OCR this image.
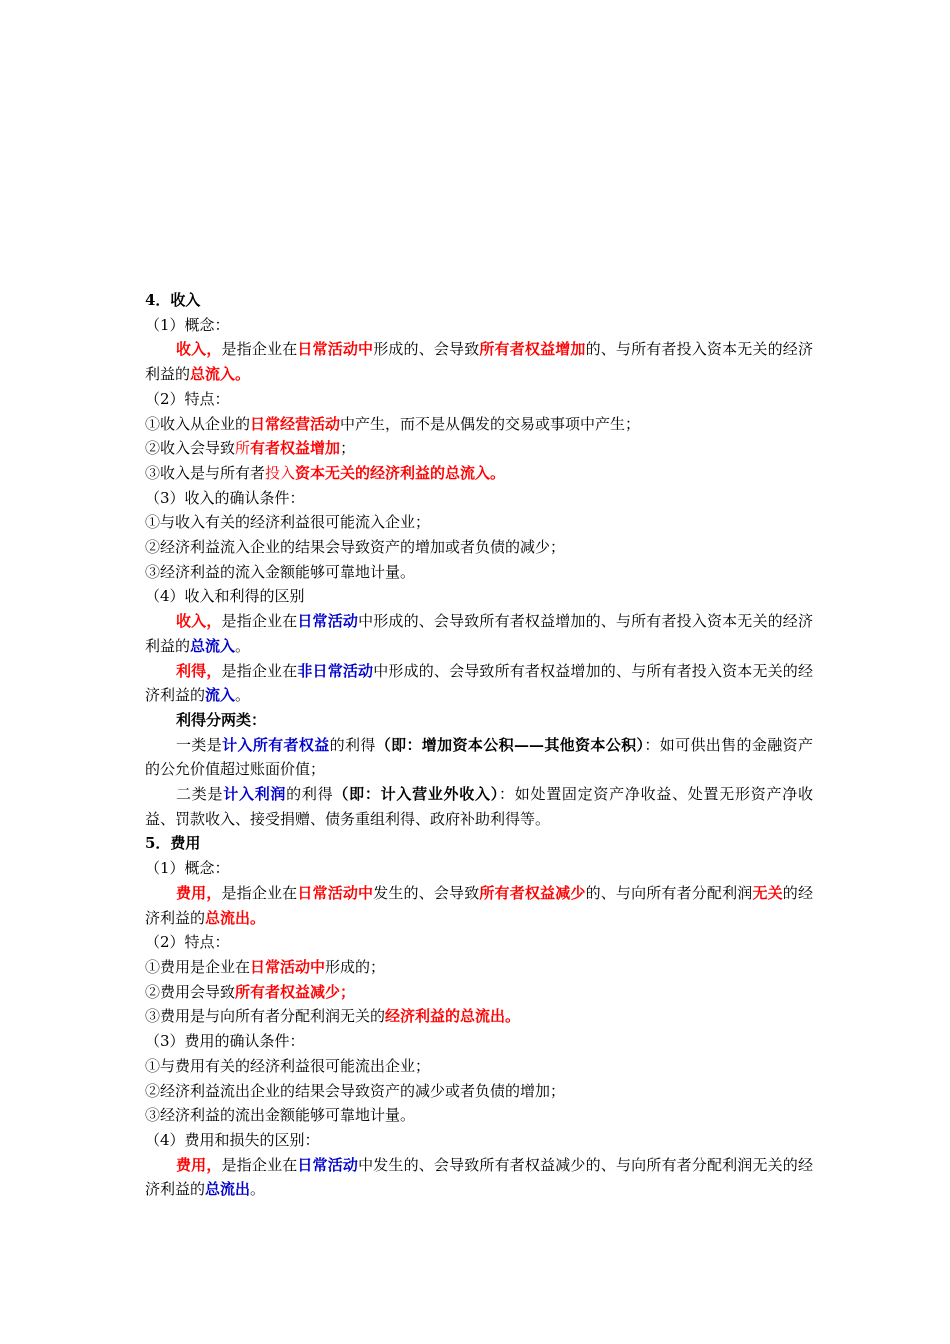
4．收入
（1）概念：
收入，是指企业在日常活动中形成的、会导致所有者权益增加的、与所有者投入资本无关的经济利益的总流入。
（2）特点：
①收入从企业的日常经营活动中产生，而不是从偶发的交易或事项中产生；
②收入会导致所有者权益增加；
③收入是与所有者投入资本无关的经济利益的总流入。
（3）收入的确认条件：
①与收入有关的经济利益很可能流入企业；
②经济利益流入企业的结果会导致资产的增加或者负债的减少；
③经济利益的流入金额能够可靠地计量。
（4）收入和利得的区别
收入，是指企业在日常活动中形成的、会导致所有者权益增加的、与所有者投入资本无关的经济利益的总流入。
利得，是指企业在非日常活动中形成的、会导致所有者权益增加的、与所有者投入资本无关的经济利益的流入。
利得分两类：
一类是计入所有者权益的利得（即：增加资本公积——其他资本公积）：如可供出售的金融资产的公允价值超过账面价值；
二类是计入利润的利得（即：计入营业外收入）：如处置固定资产净收益、处置无形资产净收益、罚款收入、接受捐赠、债务重组利得、政府补助利得等。
5．费用
（1）概念：
费用，是指企业在日常活动中发生的、会导致所有者权益减少的、与向所有者分配利润无关的经济利益的总流出。
（2）特点：
①费用是企业在日常活动中形成的；
②费用会导致所有者权益减少；
③费用是与向所有者分配利润无关的经济利益的总流出。
（3）费用的确认条件：
①与费用有关的经济利益很可能流出企业；
②经济利益流出企业的结果会导致资产的减少或者负债的增加；
③经济利益的流出金额能够可靠地计量。
（4）费用和损失的区别：
费用，是指企业在日常活动中发生的、会导致所有者权益减少的、与向所有者分配利润无关的经济利益的总流出。
